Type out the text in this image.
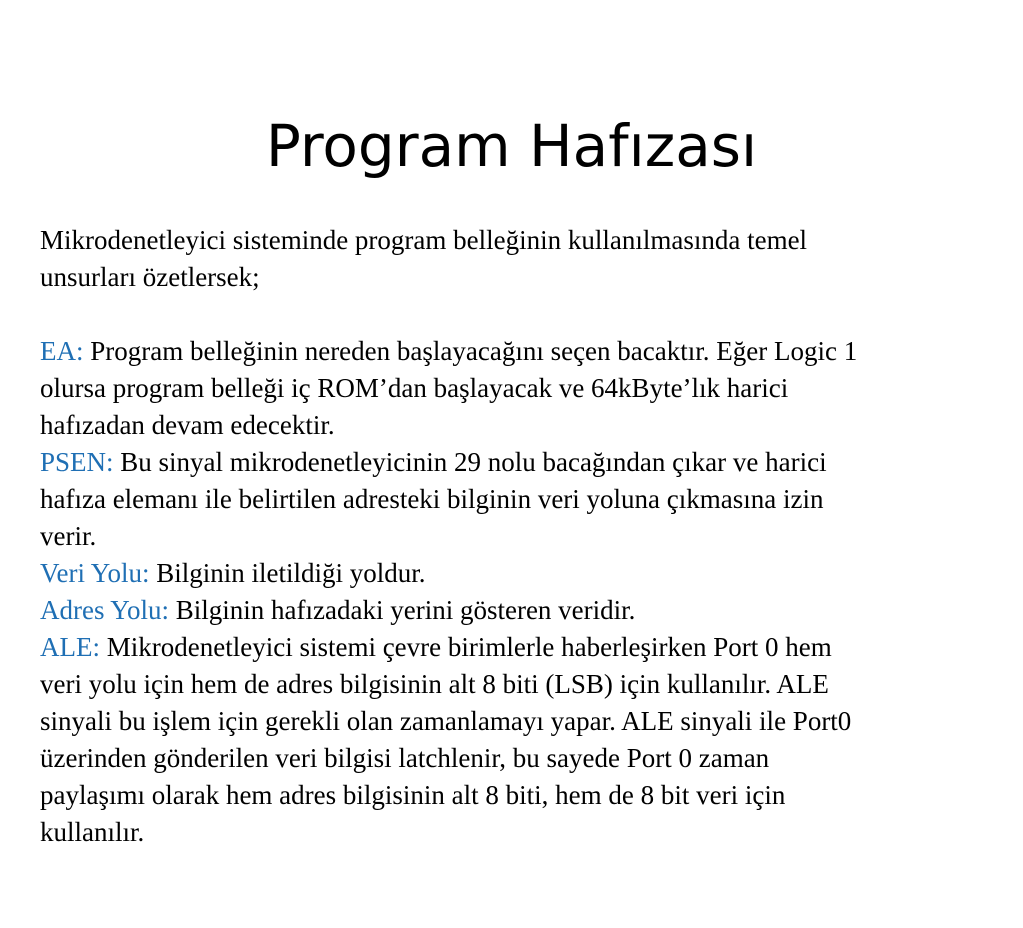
Program Hafızası

Mikrodenetleyici sisteminde program belleğinin kullanılmasında temel
unsurları özetlersek;

EA: Program belleğinin nereden başlayacağını seçen bacaktır. Eğer Logic 1
olursa program belleği iç ROM’dan başlayacak ve 64kByte’lık harici
hafızadan devam edecektir.

PSEN: Bu sinyal mikrodenetleyicinin 29 nolu bacağından çıkar ve harici
hafıza elemanı ile belirtilen adresteki bilginin veri yoluna çıkmasına izin
verir.

Veri Yolu: Bilginin iletildiği yoldur.

Adres Yolu: Bilginin hafızadaki yerini gösteren veridir.

ALE: Mikrodenetleyici sistemi çevre birimlerle haberleşirken Port 0 hem
veri yolu için hem de adres bilgisinin alt 8 biti (LSB) için kullanılır. ALE
sinyali bu işlem için gerekli olan zamanlamayı yapar. ALE sinyali ile Port0
üzerinden gönderilen veri bilgisi latchlenir, bu sayede Port 0 zaman
paylaşımı olarak hem adres bilgisinin alt 8 biti, hem de 8 bit veri için
kullanılır.
